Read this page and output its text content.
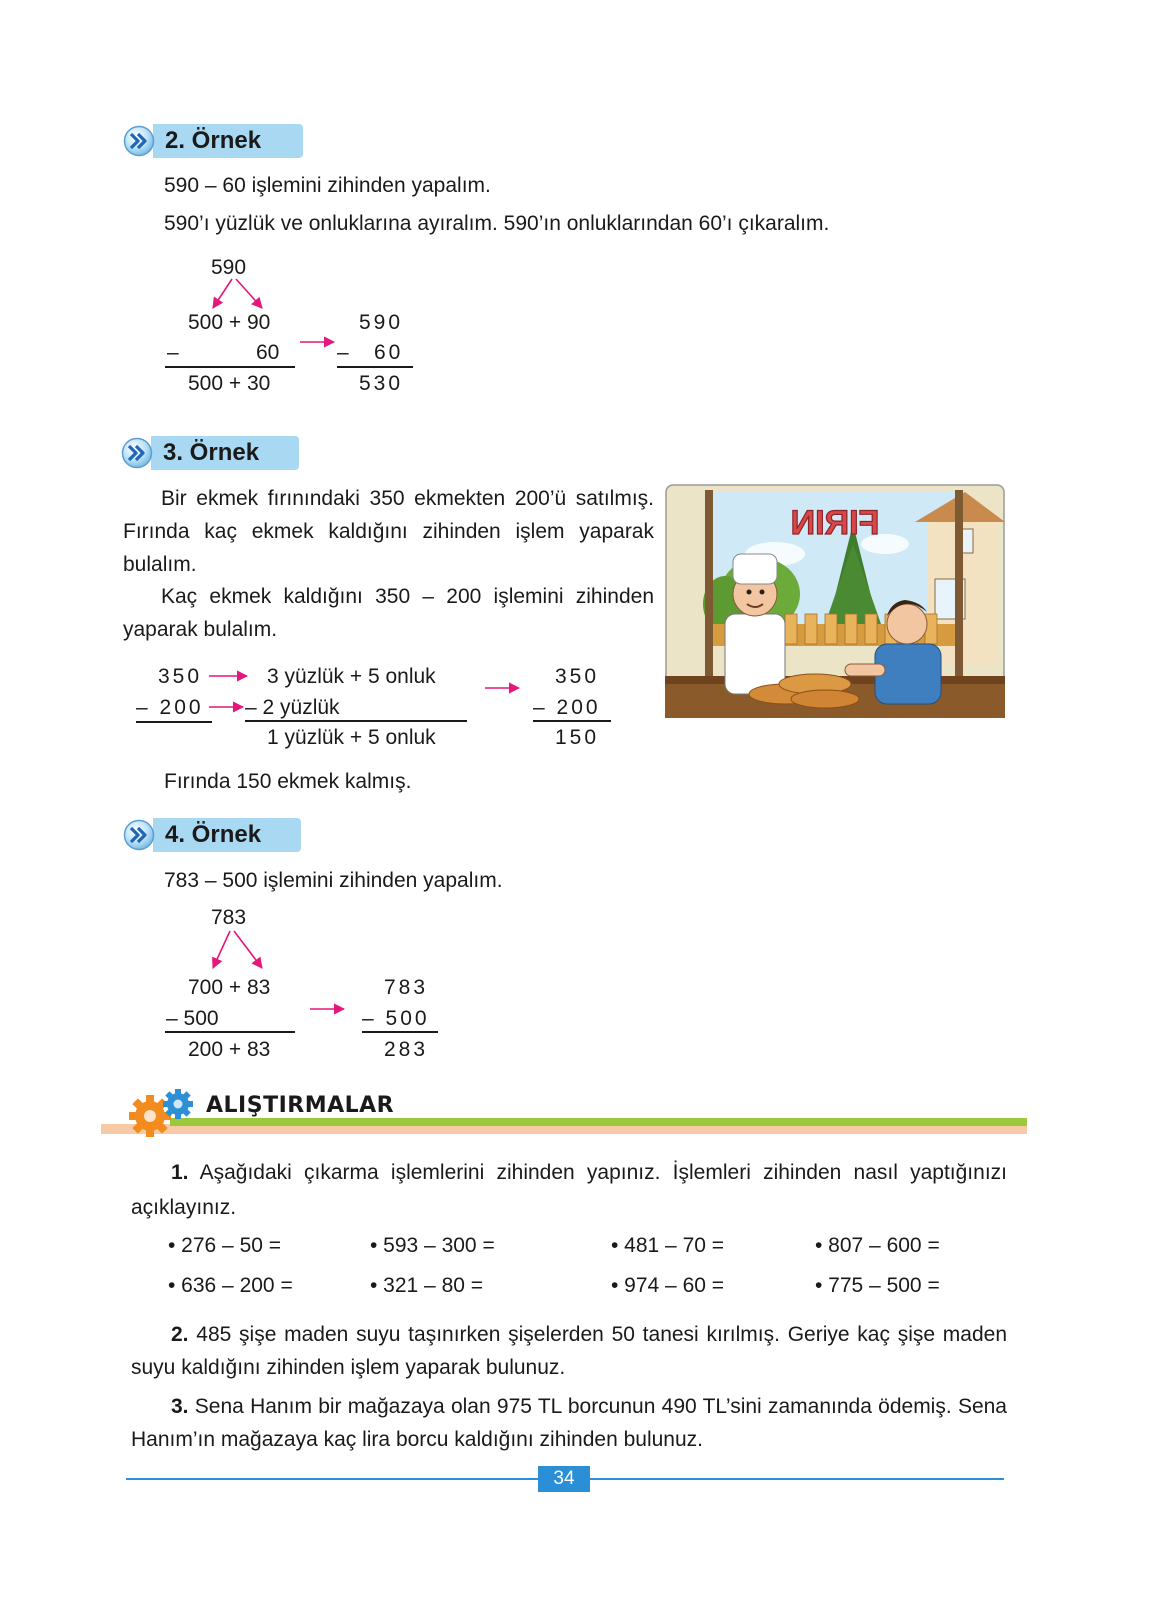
2. Örnek
590 – 60 işlemini zihinden yapalım.
590’ı yüzlük ve onluklarına ayıralım. 590’ın onluklarından 60’ı çıkaralım.
590
500 + 90
–	60
500 + 30
590
– 60
530
3. Örnek
Bir ekmek fırınındaki 350 ekmekten 200’ü satılmış. Fırında kaç ekmek kaldığını zihinden işlem yaparak bulalım.
Kaç ekmek kaldığını 350 – 200 işlemini zihinden yaparak bulalım.
350
– 200
3 yüzlük + 5 onluk
– 2 yüzlük
1 yüzlük + 5 onluk
350
– 200
150
Fırında 150 ekmek kalmış.
FIRIN
4. Örnek
783 – 500 işlemini zihinden yapalım.
783
700 + 83
– 500
200 + 83
783
– 500
283
ALIŞTIRMALAR
1. Aşağıdaki çıkarma işlemlerini zihinden yapınız. İşlemleri zihinden nasıl yaptığınızı açıklayınız.
• 276 – 50 =	• 593 – 300 =	• 481 – 70 =	• 807 – 600 =
• 636 – 200 =	• 321 – 80 =	• 974 – 60 =	• 775 – 500 =
2. 485 şişe maden suyu taşınırken şişelerden 50 tanesi kırılmış. Geriye kaç şişe maden suyu kaldığını zihinden işlem yaparak bulunuz.
3. Sena Hanım bir mağazaya olan 975 TL borcunun 490 TL’sini zamanında ödemiş. Sena Hanım’ın mağazaya kaç lira borcu kaldığını zihinden bulunuz.
34
